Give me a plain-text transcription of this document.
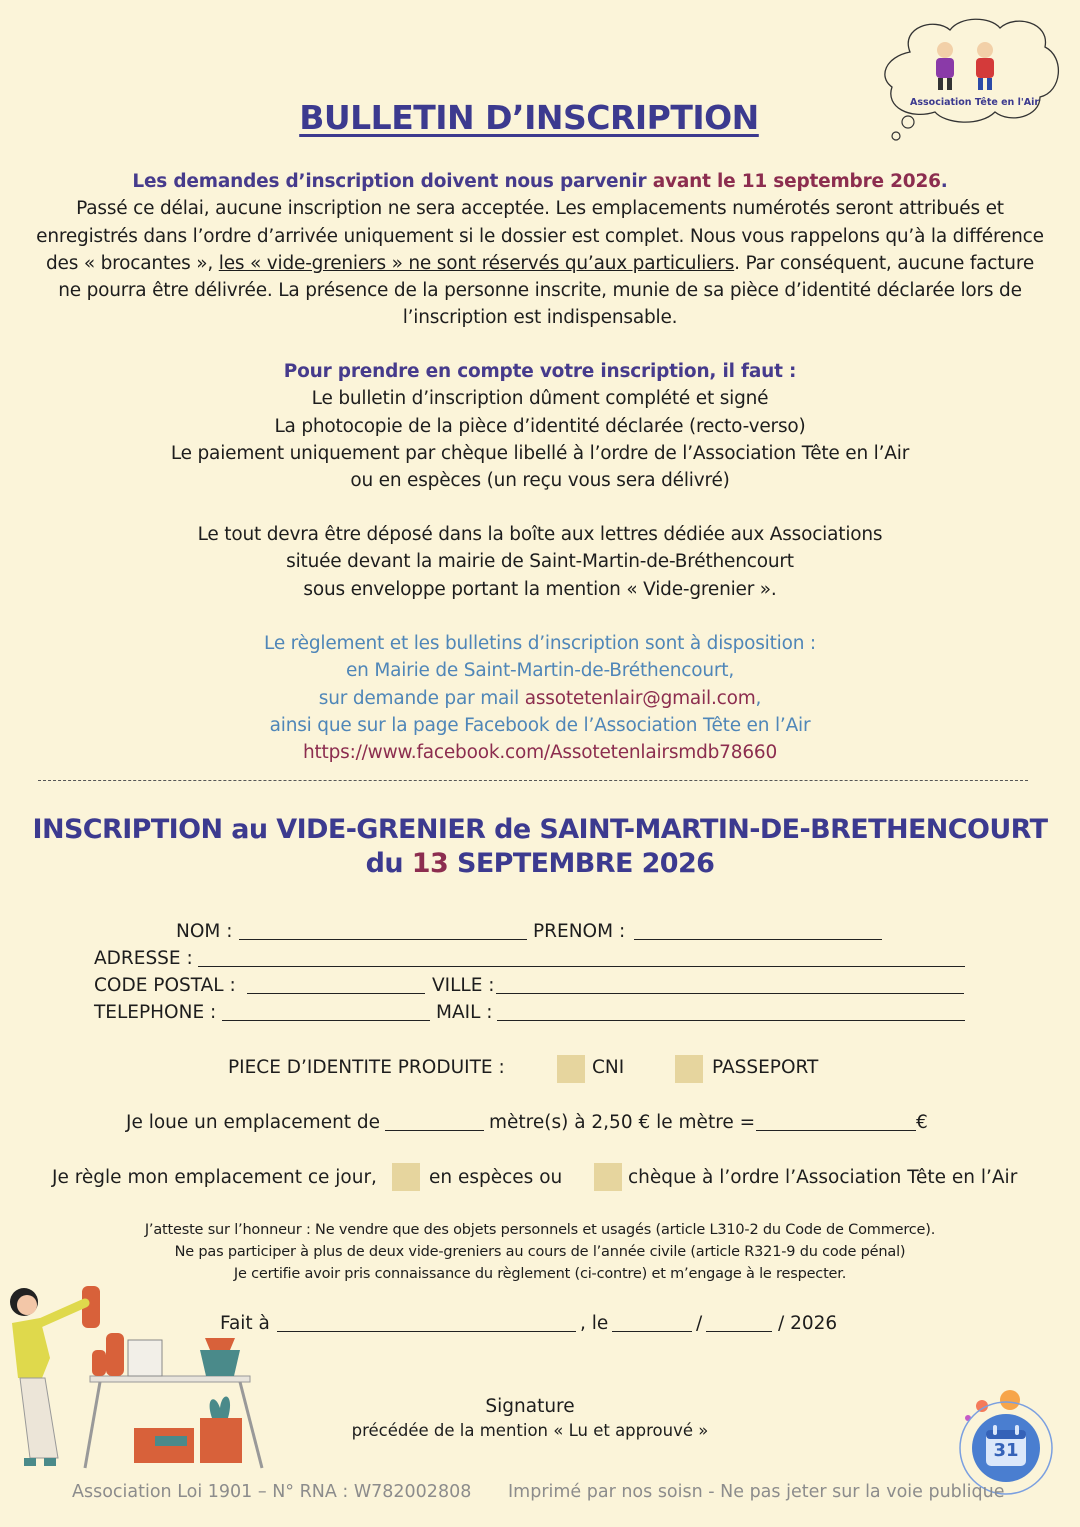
Association Tête en l'Air
BULLETIN D’INSCRIPTION
Les demandes d’inscription doivent nous parvenir avant le 11 septembre 2026.
Passé ce délai, aucune inscription ne sera acceptée. Les emplacements numérotés seront attribués et
enregistrés dans l’ordre d’arrivée uniquement si le dossier est complet. Nous vous rappelons qu’à la différence
des « brocantes », les « vide-greniers » ne sont réservés qu’aux particuliers. Par conséquent, aucune facture
ne pourra être délivrée. La présence de la personne inscrite, munie de sa pièce d’identité déclarée lors de
l’inscription est indispensable.
Pour prendre en compte votre inscription, il faut :
Le bulletin d’inscription dûment complété et signé
La photocopie de la pièce d’identité déclarée (recto-verso)
Le paiement uniquement par chèque libellé à l’ordre de l’Association Tête en l’Air
ou en espèces (un reçu vous sera délivré)
Le tout devra être déposé dans la boîte aux lettres dédiée aux Associations
située devant la mairie de Saint-Martin-de-Bréthencourt
sous enveloppe portant la mention « Vide-grenier ».
Le règlement et les bulletins d’inscription sont à disposition :
en Mairie de Saint-Martin-de-Bréthencourt,
sur demande par mail assotetenlair@gmail.com,
ainsi que sur la page Facebook de l’Association Tête en l’Air
https://www.facebook.com/Assotetenlairsmdb78660
INSCRIPTION au VIDE-GRENIER de SAINT-MARTIN-DE-BRETHENCOURT
du 13 SEPTEMBRE 2026
NOM :	PRENOM :
ADRESSE :
CODE POSTAL :	VILLE :
TELEPHONE :	MAIL :
PIECE D’IDENTITE PRODUITE :	CNI	PASSEPORT
Je loue un emplacement de	mètre(s) à 2,50 € le mètre =	€
Je règle mon emplacement ce jour,	en espèces ou	chèque à l’ordre l’Association Tête en l’Air
J’atteste sur l’honneur : Ne vendre que des objets personnels et usagés (article L310-2 du Code de Commerce).
Ne pas participer à plus de deux vide-greniers au cours de l’année civile (article R321-9 du code pénal)
Je certifie avoir pris connaissance du règlement (ci-contre) et m’engage à le respecter.
Fait à	, le	/	/ 2026
Signature
précédée de la mention « Lu et approuvé »
31
Association Loi 1901 – N° RNA : W782002808 Imprimé par nos soisn - Ne pas jeter sur la voie publique
